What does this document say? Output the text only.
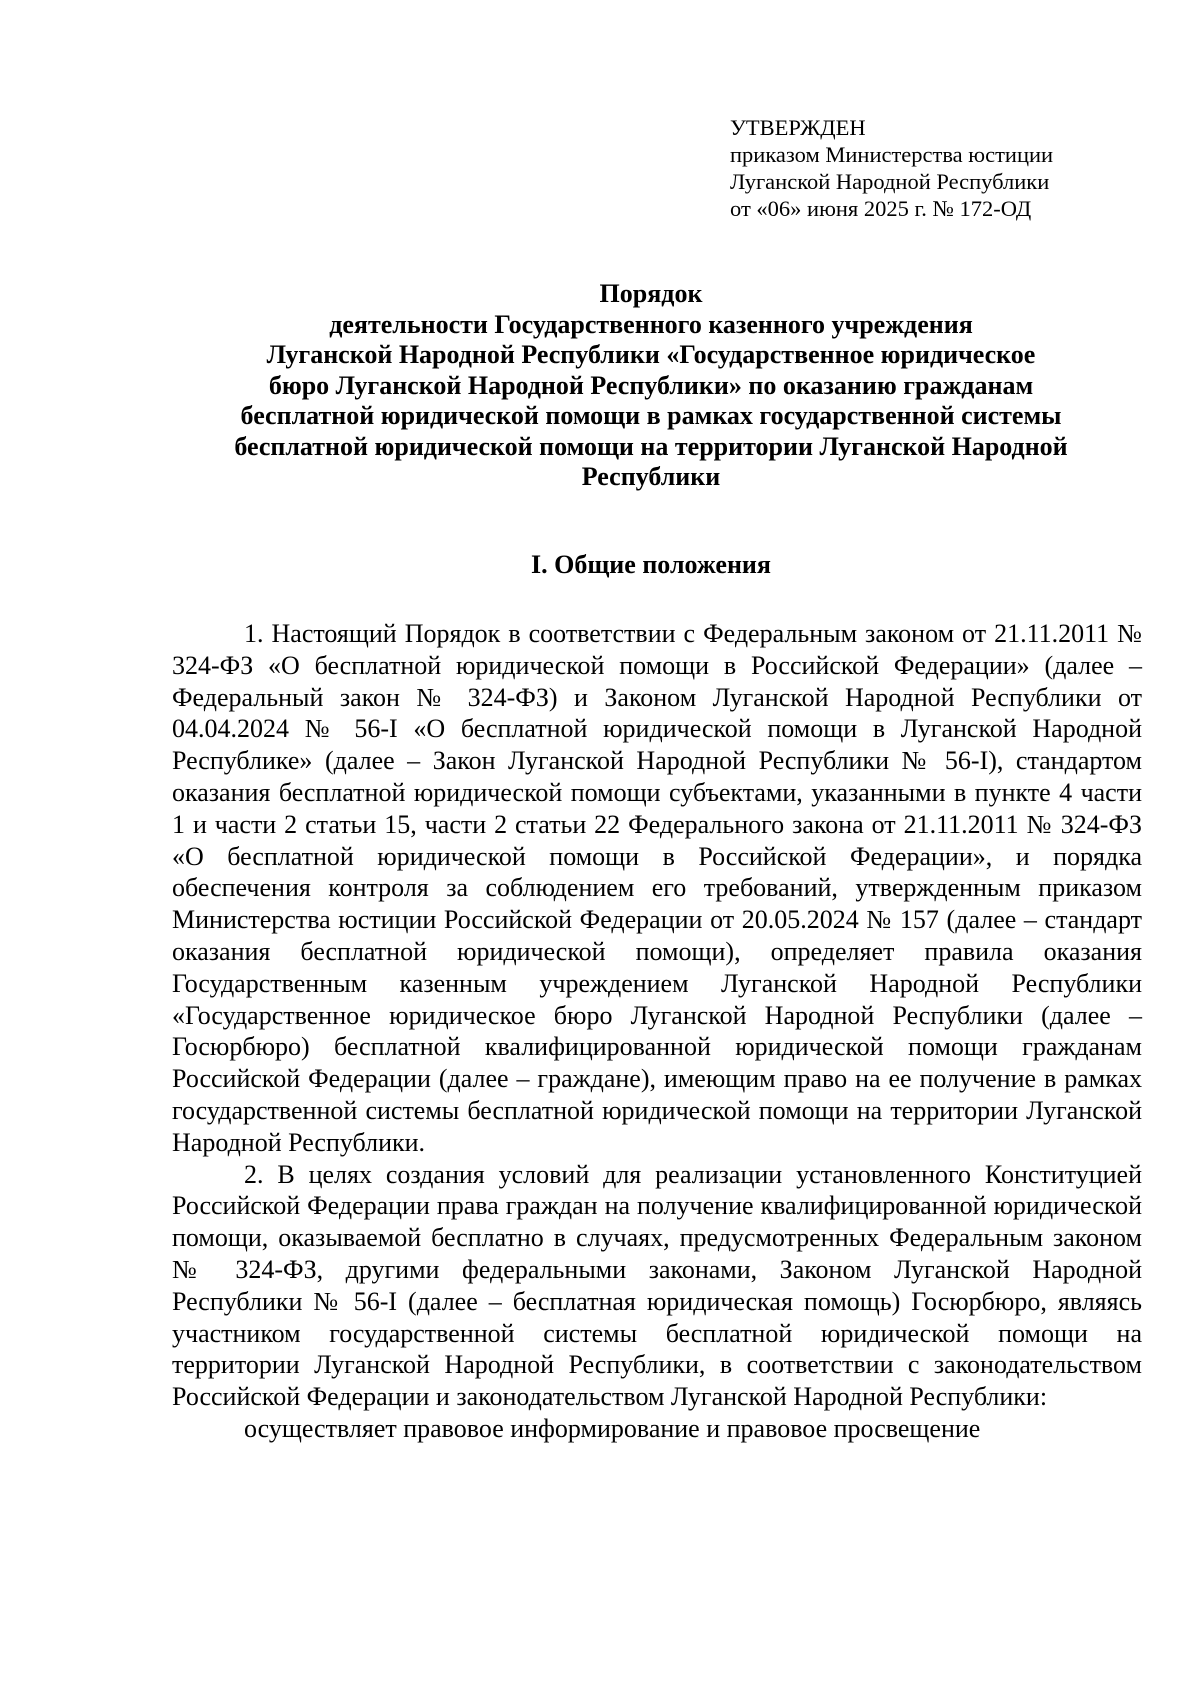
УТВЕРЖДЕН
приказом Министерства юстиции
Луганской Народной Республики
от «06» июня 2025 г. № 172-ОД
Порядок
деятельности Государственного казенного учреждения
Луганской Народной Республики «Государственное юридическое
бюро Луганской Народной Республики» по оказанию гражданам
бесплатной юридической помощи в рамках государственной системы
бесплатной юридической помощи на территории Луганской Народной
Республики
I. Общие положения

1. Настоящий Порядок в соответствии с Федеральным законом от 21.11.2011 № 324-ФЗ «О бесплатной юридической помощи в Российской Федерации» (далее – Федеральный закон № 324-ФЗ) и Законом Луганской Народной Республики от 04.04.2024 № 56-I «О бесплатной юридической помощи в Луганской Народной Республике» (далее – Закон Луганской Народной Республики № 56-I), стандартом оказания бесплатной юридической помощи субъектами, указанными в пункте 4 части 1 и части 2 статьи 15, части 2 статьи 22 Федерального закона от 21.11.2011 № 324-ФЗ «О бесплатной юридической помощи в Российской Федерации», и порядка обеспечения контроля за соблюдением его требований, утвержденным приказом Министерства юстиции Российской Федерации от 20.05.2024 № 157 (далее – стандарт оказания бесплатной юридической помощи), определяет правила оказания Государственным казенным учреждением Луганской Народной Республики «Государственное юридическое бюро Луганской Народной Республики (далее – Госюрбюро) бесплатной квалифицированной юридической помощи гражданам Российской Федерации (далее – граждане), имеющим право на ее получение в рамках государственной системы бесплатной юридической помощи на территории Луганской Народной Республики.

2. В целях создания условий для реализации установленного Конституцией Российской Федерации права граждан на получение квалифицированной юридической помощи, оказываемой бесплатно в случаях, предусмотренных Федеральным законом № 324-ФЗ, другими федеральными законами, Законом Луганской Народной Республики № 56-I (далее – бесплатная юридическая помощь) Госюрбюро, являясь участником государственной системы бесплатной юридической помощи на территории Луганской Народной Республики, в соответствии с законодательством Российской Федерации и законодательством Луганской Народной Республики:

осуществляет правовое информирование и правовое просвещение
